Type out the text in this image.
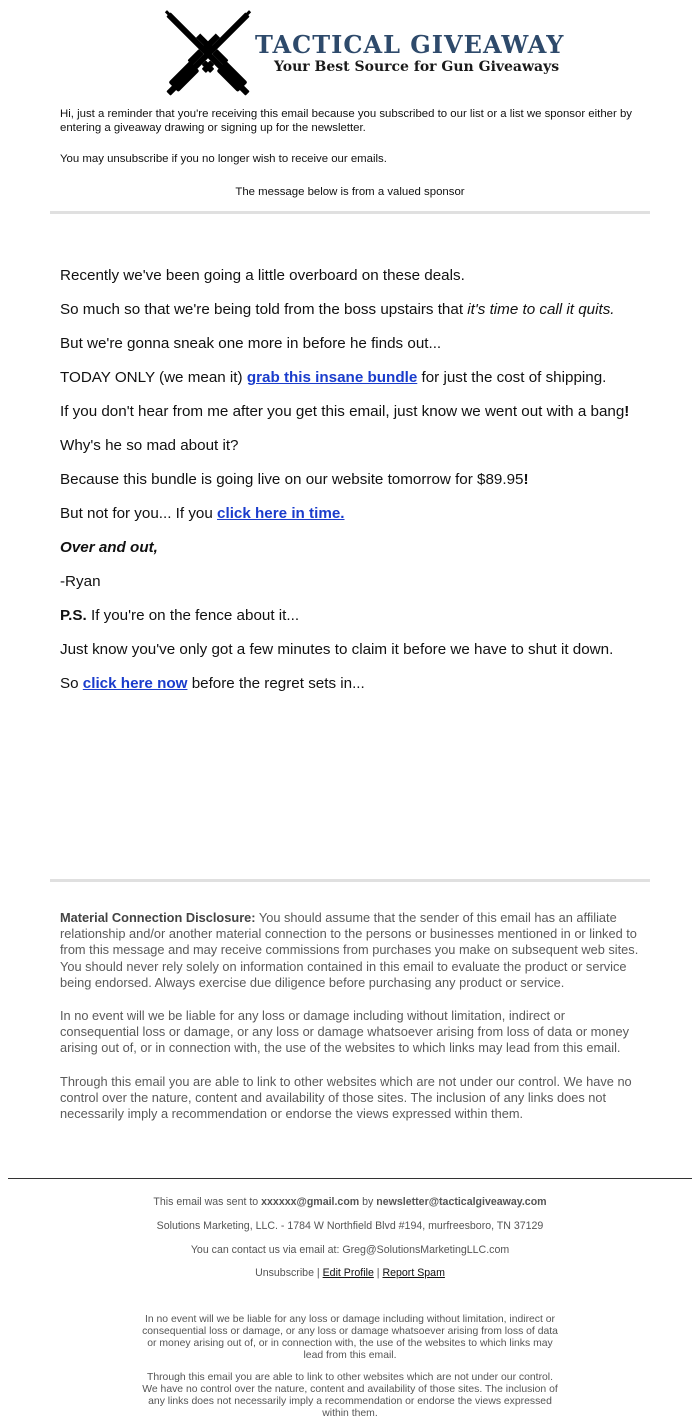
TACTICAL GIVEAWAY
Your Best Source for Gun Giveaways

Hi, just a reminder that you're receiving this email because you subscribed to our list or a list we sponsor either by entering a giveaway drawing or signing up for the newsletter.

You may unsubscribe if you no longer wish to receive our emails.

The message below is from a valued sponsor

Recently we've been going a little overboard on these deals.

So much so that we're being told from the boss upstairs that it's time to call it quits.

But we're gonna sneak one more in before he finds out...

TODAY ONLY (we mean it) grab this insane bundle for just the cost of shipping.

If you don't hear from me after you get this email, just know we went out with a bang!

Why's he so mad about it?

Because this bundle is going live on our website tomorrow for $89.95!

But not for you... If you click here in time.

Over and out,

-Ryan

P.S. If you're on the fence about it...

Just know you've only got a few minutes to claim it before we have to shut it down.

So click here now before the regret sets in...

Material Connection Disclosure: You should assume that the sender of this email has an affiliate relationship and/or another material connection to the persons or businesses mentioned in or linked to from this message and may receive commissions from purchases you make on subsequent web sites. You should never rely solely on information contained in this email to evaluate the product or service being endorsed. Always exercise due diligence before purchasing any product or service.

In no event will we be liable for any loss or damage including without limitation, indirect or consequential loss or damage, or any loss or damage whatsoever arising from loss of data or money arising out of, or in connection with, the use of the websites to which links may lead from this email.

Through this email you are able to link to other websites which are not under our control. We have no control over the nature, content and availability of those sites. The inclusion of any links does not necessarily imply a recommendation or endorse the views expressed within them.

This email was sent to xxxxxx@gmail.com by newsletter@tacticalgiveaway.com

Solutions Marketing, LLC. - 1784 W Northfield Blvd #194, murfreesboro, TN 37129

You can contact us via email at: Greg@SolutionsMarketingLLC.com

Unsubscribe | Edit Profile | Report Spam

In no event will we be liable for any loss or damage including without limitation, indirect or consequential loss or damage, or any loss or damage whatsoever arising from loss of data or money arising out of, or in connection with, the use of the websites to which links may lead from this email.
Through this email you are able to link to other websites which are not under our control. We have no control over the nature, content and availability of those sites. The inclusion of any links does not necessarily imply a recommendation or endorse the views expressed within them.
